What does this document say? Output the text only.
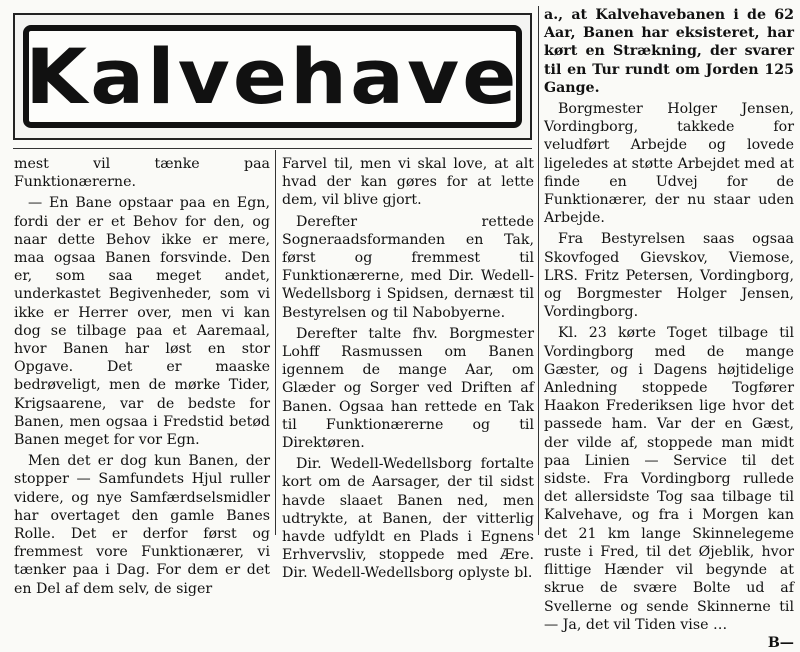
Kalvehave

mest vil tænke paa Funktionærerne.

— En Bane opstaar paa en Egn, fordi der er et Behov for den, og naar dette Behov ikke er mere, maa ogsaa Banen forsvinde. Den er, som saa meget andet, underkastet Begivenheder, som vi ikke er Herrer over, men vi kan dog se tilbage paa et Aaremaal, hvor Banen har løst en stor Opgave. Det er maaske bedrøveligt, men de mørke Tider, Krigsaarene, var de bedste for Banen, men ogsaa i Fredstid betød Banen meget for vor Egn.

Men det er dog kun Banen, der stopper — Samfundets Hjul ruller videre, og nye Samfærdselsmidler har overtaget den gamle Banes Rolle. Det er derfor først og fremmest vore Funktionærer, vi tænker paa i Dag. For dem er det en Del af dem selv, de siger

Farvel til, men vi skal love, at alt hvad der kan gøres for at lette dem, vil blive gjort.

Derefter rettede Sogneraadsformanden en Tak, først og fremmest til Funktionærerne, med Dir. Wedell-Wedellsborg i Spidsen, dernæst til Bestyrelsen og til Nabobyerne.

Derefter talte fhv. Borgmester Lohff Rasmussen om Banen igennem de mange Aar, om Glæder og Sorger ved Driften af Banen. Ogsaa han rettede en Tak til Funktionærerne og til Direktøren.

Dir. Wedell-Wedellsborg fortalte kort om de Aarsager, der til sidst havde slaaet Banen ned, men udtrykte, at Banen, der vitterlig havde udfyldt en Plads i Egnens Erhvervsliv, stoppede med Ære. Dir. Wedell-Wedellsborg oplyste bl.

a., at Kalvehavebanen i de 62 Aar, Banen har eksisteret, har kørt en Strækning, der svarer til en Tur rundt om Jorden 125 Gange.

Borgmester Holger Jensen, Vordingborg, takkede for veludført Arbejde og lovede ligeledes at støtte Arbejdet med at finde en Udvej for de Funktionærer, der nu staar uden Arbejde.

Fra Bestyrelsen saas ogsaa Skovfoged Gievskov, Viemose, LRS. Fritz Petersen, Vordingborg, og Borgmester Holger Jensen, Vordingborg.

Kl. 23 kørte Toget tilbage til Vordingborg med de mange Gæster, og i Dagens højtidelige Anledning stoppede Togfører Haakon Frederiksen lige hvor det passede ham. Var der en Gæst, der vilde af, stoppede man midt paa Linien — Service til det sidste. Fra Vordingborg rullede det allersidste Tog saa tilbage til Kalvehave, og fra i Morgen kan det 21 km lange Skinnelegeme ruste i Fred, til det Øjeblik, hvor flittige Hænder vil begynde at skrue de svære Bolte ud af Svellerne og sende Skinnerne til — Ja, det vil Tiden vise …

B—
